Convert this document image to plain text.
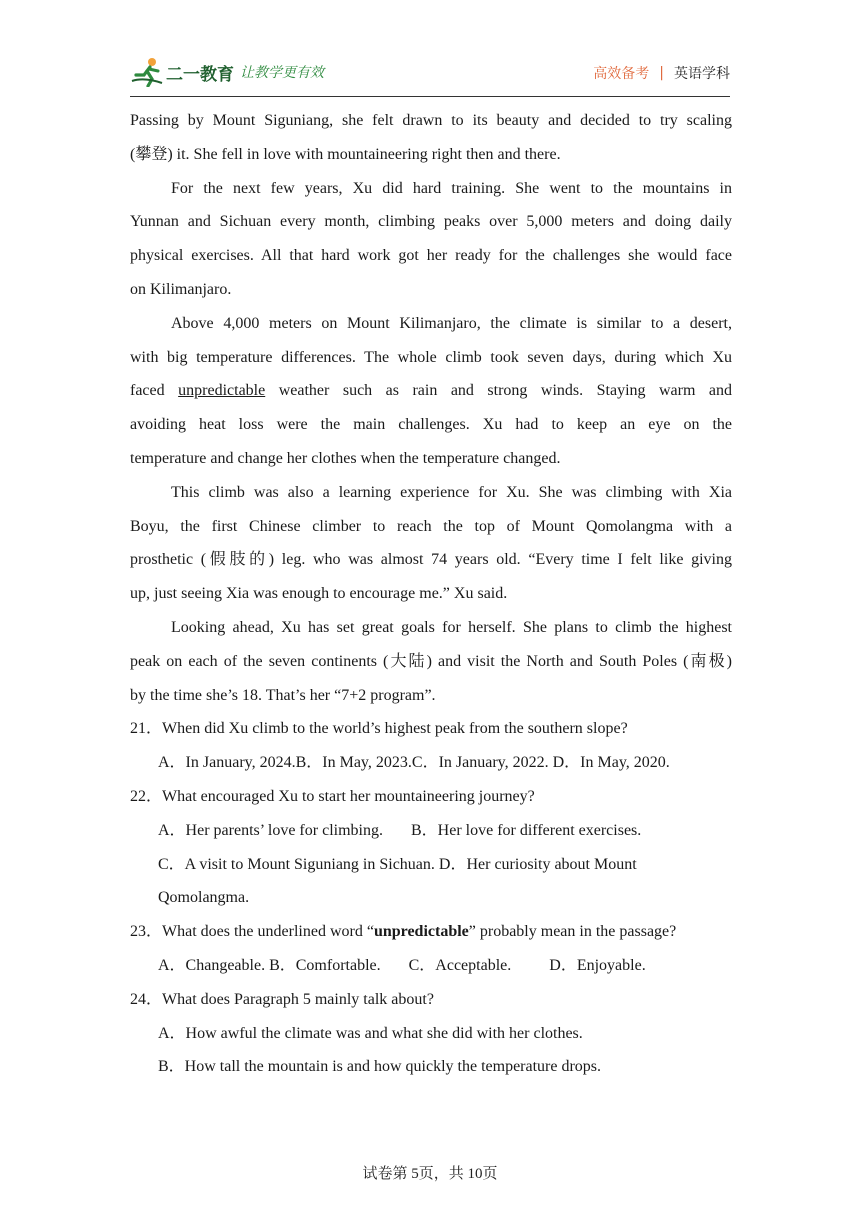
二一教育 让教学更有效	高效备考 | 英语学科
Passing by Mount Siguniang, she felt drawn to its beauty and decided to try scaling
(攀登) it. She fell in love with mountaineering right then and there.
For the next few years, Xu did hard training. She went to the mountains in
Yunnan and Sichuan every month, climbing peaks over 5,000 meters and doing daily
physical exercises. All that hard work got her ready for the challenges she would face
on Kilimanjaro.
Above 4,000 meters on Mount Kilimanjaro, the climate is similar to a desert,
with big temperature differences. The whole climb took seven days, during which Xu
faced unpredictable weather such as rain and strong winds. Staying warm and
avoiding heat loss were the main challenges. Xu had to keep an eye on the
temperature and change her clothes when the temperature changed.
This climb was also a learning experience for Xu. She was climbing with Xia
Boyu, the first Chinese climber to reach the top of Mount Qomolangma with a
prosthetic (假肢的) leg. who was almost 74 years old. “Every time I felt like giving
up, just seeing Xia was enough to encourage me.” Xu said.
Looking ahead, Xu has set great goals for herself. She plans to climb the highest
peak on each of the seven continents (大陆) and visit the North and South Poles (南极)
by the time she’s 18. That’s her “7+2 program”.
21．When did Xu climb to the world’s highest peak from the southern slope?
A．In January, 2024.B．In May, 2023.C．In January, 2022. D．In May, 2020.
22．What encouraged Xu to start her mountaineering journey?
A．Her parents’ love for climbing. B．Her love for different exercises.
C．A visit to Mount Siguniang in Sichuan. D．Her curiosity about Mount
Qomolangma.
23．What does the underlined word “unpredictable” probably mean in the passage?
A．Changeable. B．Comfortable. C．Acceptable. D．Enjoyable.
24．What does Paragraph 5 mainly talk about?
A．How awful the climate was and what she did with her clothes.
B．How tall the mountain is and how quickly the temperature drops.
试卷第 5页，共 10页
